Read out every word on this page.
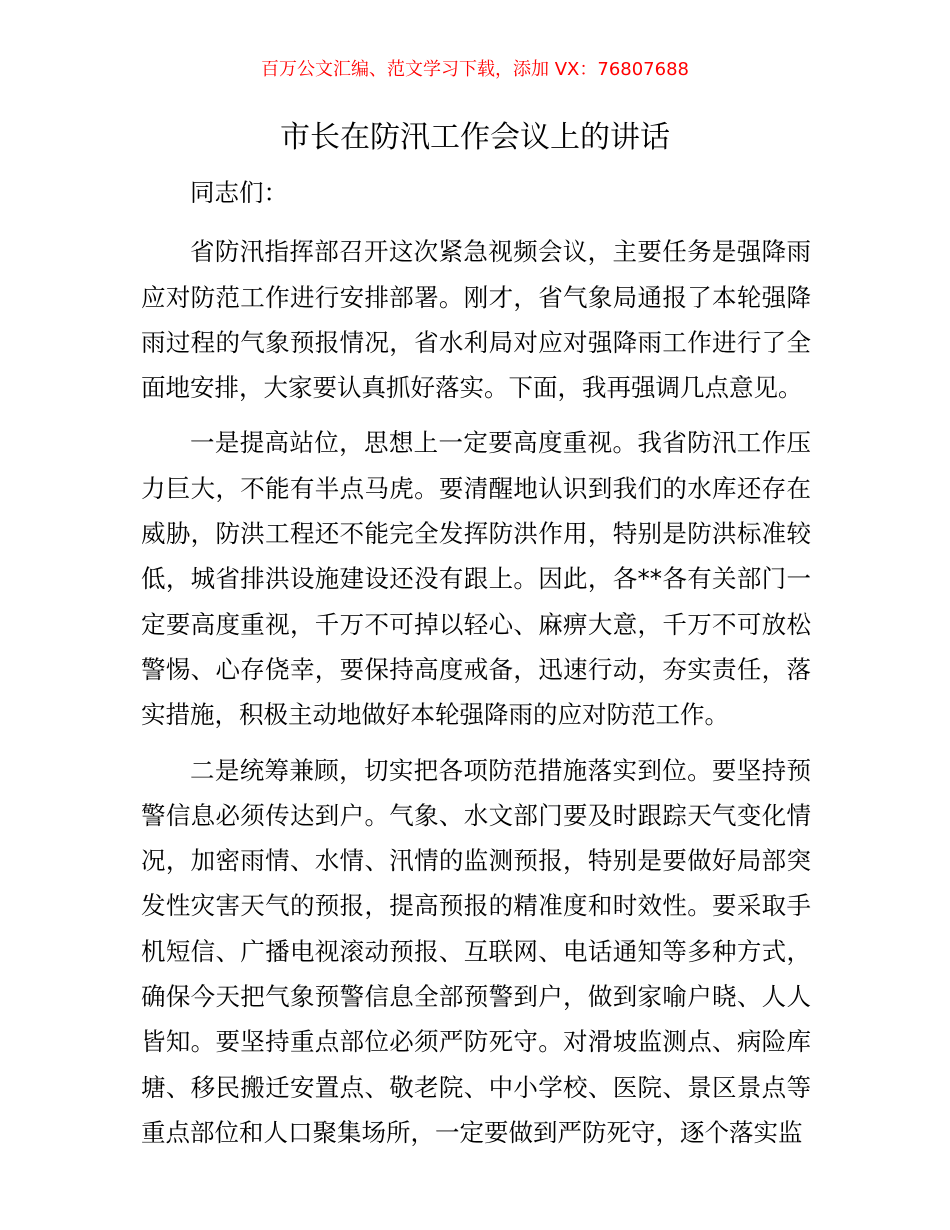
百万公文汇编、范文学习下载，添加 VX：76807688
市长在防汛工作会议上的讲话

同志们：

省防汛指挥部召开这次紧急视频会议，主要任务是强降雨应对防范工作进行安排部署。刚才，省气象局通报了本轮强降雨过程的气象预报情况，省水利局对应对强降雨工作进行了全面地安排，大家要认真抓好落实。下面，我再强调几点意见。

一是提高站位，思想上一定要高度重视。我省防汛工作压力巨大，不能有半点马虎。要清醒地认识到我们的水库还存在威胁，防洪工程还不能完全发挥防洪作用，特别是防洪标准较低，城省排洪设施建设还没有跟上。因此，各**各有关部门一定要高度重视，千万不可掉以轻心、麻痹大意，千万不可放松警惕、心存侥幸，要保持高度戒备，迅速行动，夯实责任，落实措施，积极主动地做好本轮强降雨的应对防范工作。

二是统筹兼顾，切实把各项防范措施落实到位。要坚持预警信息必须传达到户。气象、水文部门要及时跟踪天气变化情况，加密雨情、水情、汛情的监测预报，特别是要做好局部突发性灾害天气的预报，提高预报的精准度和时效性。要采取手机短信、广播电视滚动预报、互联网、电话通知等多种方式，确保今天把气象预警信息全部预警到户，做到家喻户晓、人人皆知。要坚持重点部位必须严防死守。对滑坡监测点、病险库塘、移民搬迁安置点、敬老院、中小学校、医院、景区景点等重点部位和人口聚集场所，一定要做到严防死守，逐个落实监
